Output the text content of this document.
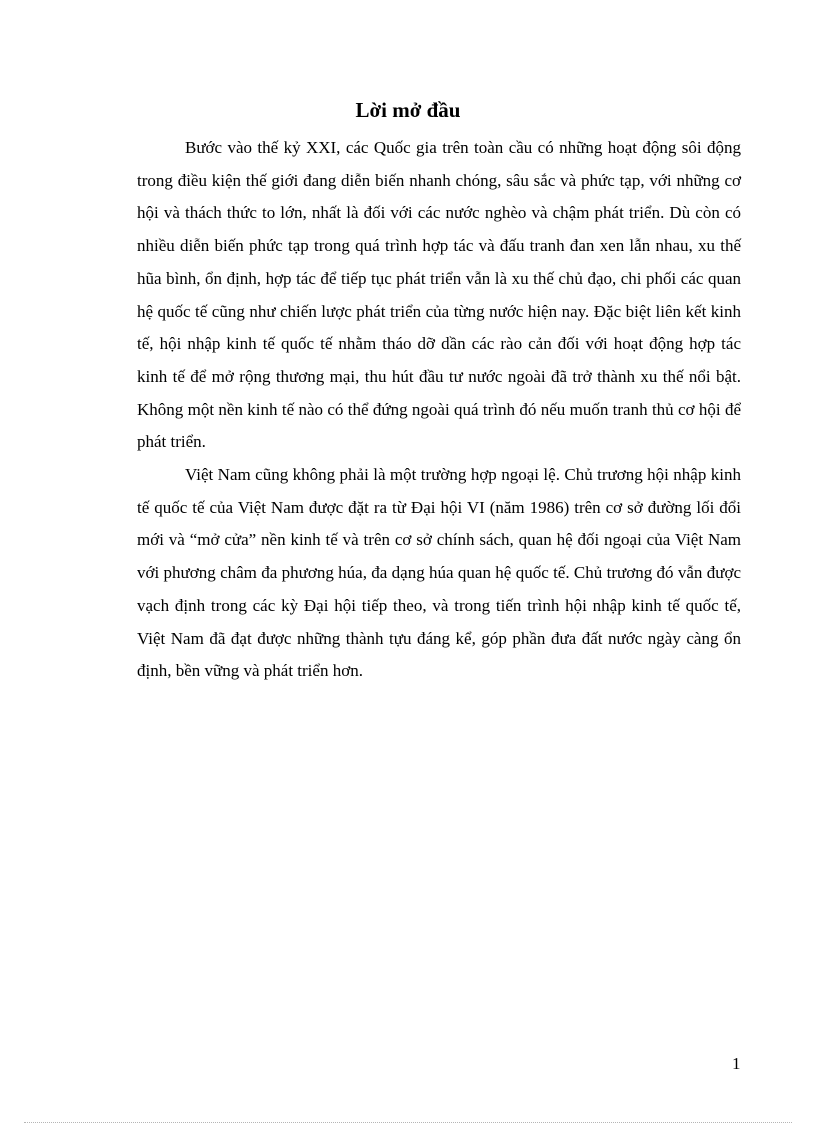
Lời mở đầu

Bước vào thế kỷ XXI, các Quốc gia trên toàn cầu có những hoạt động sôi động trong điều kiện thế giới đang diễn biến nhanh chóng, sâu sắc và phức tạp, với những cơ hội và thách thức to lớn, nhất là đối với các nước nghèo và chậm phát triển. Dù còn có nhiều diễn biến phức tạp trong quá trình hợp tác và đấu tranh đan xen lẫn nhau, xu thế hũa bình, ổn định, hợp tác để tiếp tục phát triển vẫn là xu thế chủ đạo, chi phối các quan hệ quốc tế cũng như chiến lược phát triển của từng nước hiện nay. Đặc biệt liên kết kinh tế, hội nhập kinh tế quốc tế nhằm tháo dỡ dần các rào cản đối với hoạt động hợp tác kinh tế để mở rộng thương mại, thu hút đầu tư nước ngoài đã trở thành xu thế nổi bật. Không một nền kinh tế nào có thể đứng ngoài quá trình đó nếu muốn tranh thủ cơ hội để phát triển.

Việt Nam cũng không phải là một trường hợp ngoại lệ. Chủ trương hội nhập kinh tế quốc tế của Việt Nam được đặt ra từ Đại hội VI (năm 1986) trên cơ sở đường lối đổi mới và “mở cửa” nền kinh tế và trên cơ sở chính sách, quan hệ đối ngoại của Việt Nam với phương châm đa phương húa, đa dạng húa quan hệ quốc tế. Chủ trương đó vẫn được vạch định trong các kỳ Đại hội tiếp theo, và trong tiến trình hội nhập kinh tế quốc tế, Việt Nam đã đạt được những thành tựu đáng kể, góp phần đưa đất nước ngày càng ổn định, bền vững và phát triển hơn.

1
